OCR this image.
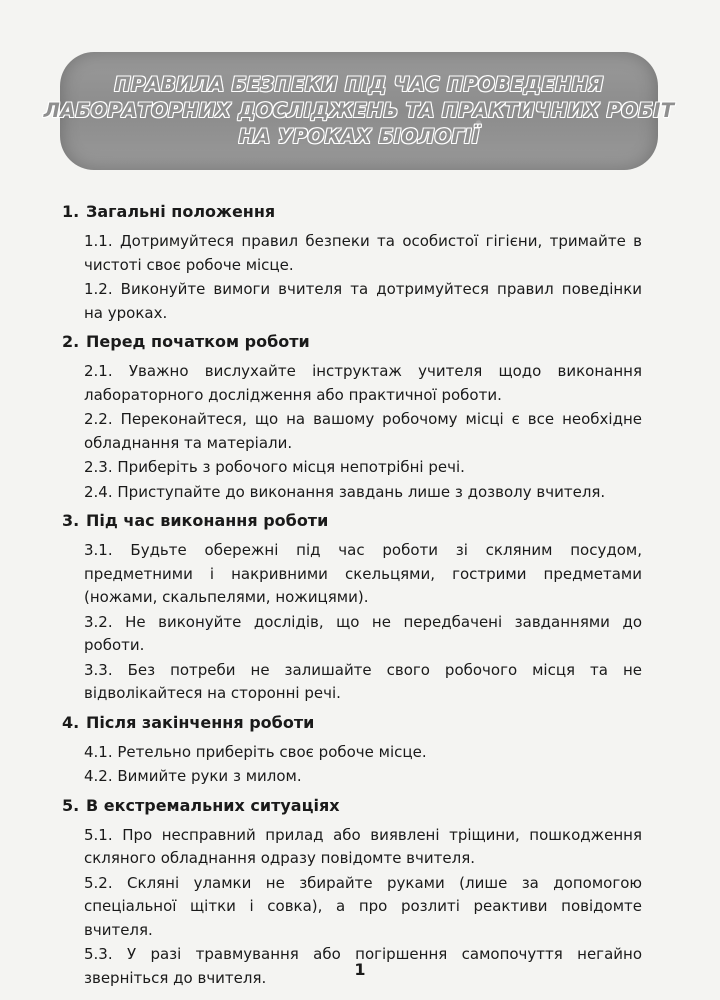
ПРАВИЛА БЕЗПЕКИ ПІД ЧАС ПРОВЕДЕННЯ
ЛАБОРАТОРНИХ ДОСЛІДЖЕНЬ ТА ПРАКТИЧНИХ РОБІТ
НА УРОКАХ БІОЛОГІЇ
1. Загальні положення
1.1. Дотримуйтеся правил безпеки та особистої гігієни, тримайте в чистоті своє робоче місце.
1.2. Виконуйте вимоги вчителя та дотримуйтеся правил поведінки на уроках.
2. Перед початком роботи
2.1. Уважно вислухайте інструктаж учителя щодо виконання лабораторного дослідження або практичної роботи.
2.2. Переконайтеся, що на вашому робочому місці є все необхідне обладнання та матеріали.
2.3. Приберіть з робочого місця непотрібні речі.
2.4. Приступайте до виконання завдань лише з дозволу вчителя.
3. Під час виконання роботи
3.1. Будьте обережні під час роботи зі скляним посудом, предметними і накривними скельцями, гострими предметами (ножами, скальпелями, ножицями).
3.2. Не виконуйте дослідів, що не передбачені завданнями до роботи.
3.3. Без потреби не залишайте свого робочого місця та не відволікайтеся на сторонні речі.
4. Після закінчення роботи
4.1. Ретельно приберіть своє робоче місце.
4.2. Вимийте руки з милом.
5. В екстремальних ситуаціях
5.1. Про несправний прилад або виявлені тріщини, пошкодження скляного обладнання одразу повідомте вчителя.
5.2. Скляні уламки не збирайте руками (лише за допомогою спеціальної щітки і совка), а про розлиті реактиви повідомте вчителя.
5.3. У разі травмування або погіршення самопочуття негайно зверніться до вчителя.	1
